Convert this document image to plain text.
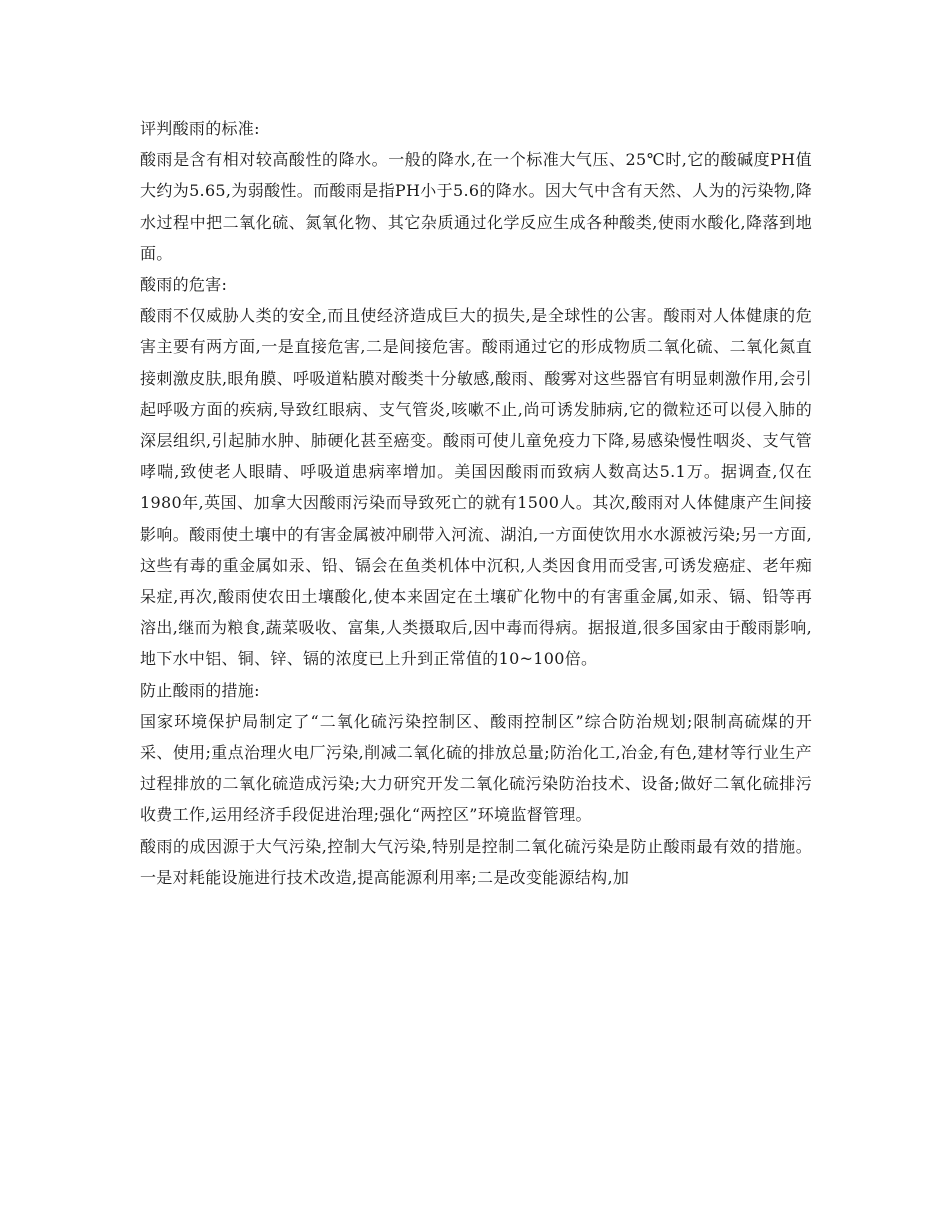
评判酸雨的标准:
酸雨是含有相对较高酸性的降水。一般的降水,在一个标准大气压、25℃时,它的酸碱度PH值大约为5.65,为弱酸性。而酸雨是指PH小于5.6的降水。因大气中含有天然、人为的污染物,降水过程中把二氧化硫、氮氧化物、其它杂质通过化学反应生成各种酸类,使雨水酸化,降落到地面。
酸雨的危害:
酸雨不仅威胁人类的安全,而且使经济造成巨大的损失,是全球性的公害。酸雨对人体健康的危害主要有两方面,一是直接危害,二是间接危害。酸雨通过它的形成物质二氧化硫、二氧化氮直接刺激皮肤,眼角膜、呼吸道粘膜对酸类十分敏感,酸雨、酸雾对这些器官有明显刺激作用,会引起呼吸方面的疾病,导致红眼病、支气管炎,咳嗽不止,尚可诱发肺病,它的微粒还可以侵入肺的深层组织,引起肺水肿、肺硬化甚至癌变。酸雨可使儿童免疫力下降,易感染慢性咽炎、支气管哮喘,致使老人眼睛、呼吸道患病率增加。美国因酸雨而致病人数高达5.1万。据调查,仅在1980年,英国、加拿大因酸雨污染而导致死亡的就有1500人。其次,酸雨对人体健康产生间接影响。酸雨使土壤中的有害金属被冲刷带入河流、湖泊,一方面使饮用水水源被污染;另一方面,这些有毒的重金属如汞、铅、镉会在鱼类机体中沉积,人类因食用而受害,可诱发癌症、老年痴呆症,再次,酸雨使农田土壤酸化,使本来固定在土壤矿化物中的有害重金属,如汞、镉、铅等再溶出,继而为粮食,蔬菜吸收、富集,人类摄取后,因中毒而得病。据报道,很多国家由于酸雨影响,地下水中铝、铜、锌、镉的浓度已上升到正常值的10~100倍。
防止酸雨的措施:
国家环境保护局制定了“二氧化硫污染控制区、酸雨控制区”综合防治规划;限制高硫煤的开采、使用;重点治理火电厂污染,削减二氧化硫的排放总量;防治化工,冶金,有色,建材等行业生产过程排放的二氧化硫造成污染;大力研究开发二氧化硫污染防治技术、设备;做好二氧化硫排污收费工作,运用经济手段促进治理;强化“两控区”环境监督管理。
酸雨的成因源于大气污染,控制大气污染,特别是控制二氧化硫污染是防止酸雨最有效的措施。一是对耗能设施进行技术改造,提高能源利用率;二是改变能源结构,加
